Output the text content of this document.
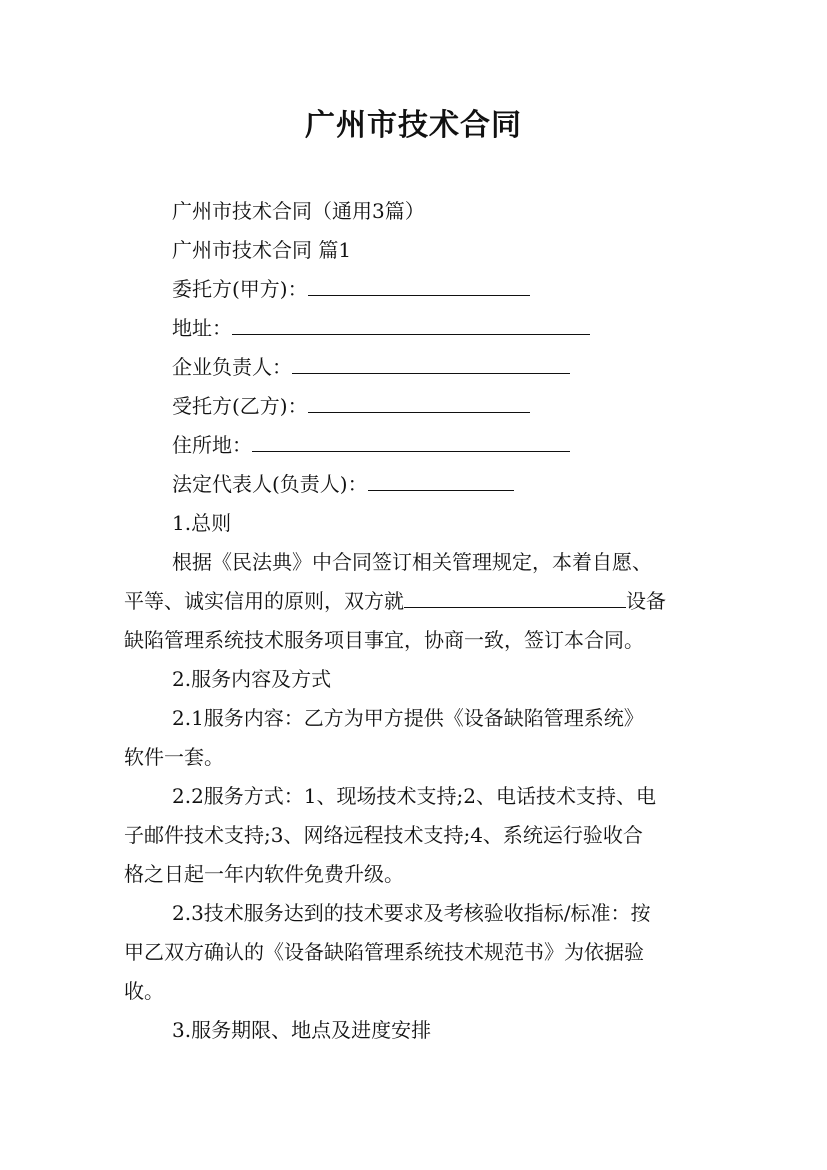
广州市技术合同
广州市技术合同（通用3篇）
广州市技术合同 篇1
委托方(甲方)：
地址：
企业负责人：
受托方(乙方)：
住所地：
法定代表人(负责人)：
1.总则
根据《民法典》中合同签订相关管理规定，本着自愿、
平等、诚实信用的原则，双方就	设备
缺陷管理系统技术服务项目事宜，协商一致，签订本合同。
2.服务内容及方式
2.1服务内容：乙方为甲方提供《设备缺陷管理系统》
软件一套。
2.2服务方式：1、现场技术支持;2、电话技术支持、电
子邮件技术支持;3、网络远程技术支持;4、系统运行验收合
格之日起一年内软件免费升级。
2.3技术服务达到的技术要求及考核验收指标/标准：按
甲乙双方确认的《设备缺陷管理系统技术规范书》为依据验
收。
3.服务期限、地点及进度安排
